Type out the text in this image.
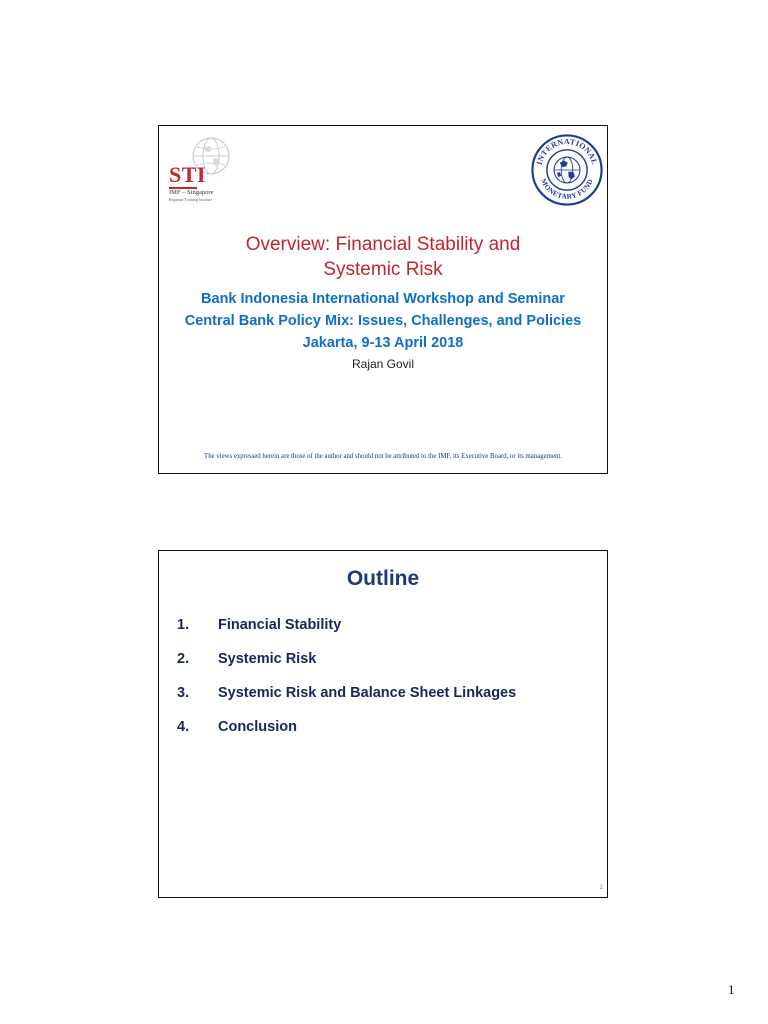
STI
IMF – Singapore
Regional Training Institute
INTERNATIONAL
MONETARY FUND
Overview: Financial Stability and
Systemic Risk
Bank Indonesia International Workshop and Seminar
Central Bank Policy Mix: Issues, Challenges, and Policies
Jakarta, 9-13 April 2018
Rajan Govil
The views expressed herein are those of the author and should not be attributed to the IMF, its Executive Board, or its management.
Outline
1.	Financial Stability
2.	Systemic Risk
3.	Systemic Risk and Balance Sheet Linkages
4.	Conclusion
2
1
